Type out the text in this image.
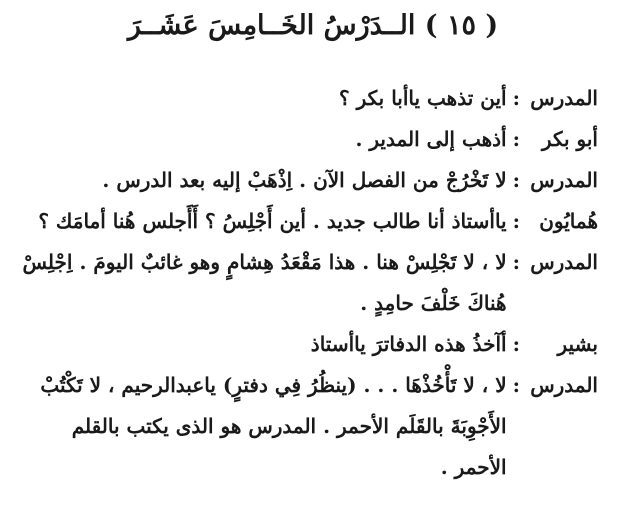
( ١٥ ) الــدَرْسُ الخَــامِسَ عَشَــرَ
المدرس
:
أين تذهب ياأبا بكر ؟
أبو بكر
:
أذهب إلى المدير .
المدرس
:
لا تَخْرُجْ من الفصل الآن . اِذْهَبْ إليه بعد الدرس .
هُمايُون
:
ياأستاذ أنا طالب جديد . أين أَجْلِسُ ؟ أَأَجلس هُنا أمامَك ؟
المدرس
:
لا ، لا تَجْلِسْ هنا . هذا مَقْعَدُ هِشامٍ وهو غائبٌ اليومَ . اِجْلِسْ
هُناكَ خَلْفَ حامِدٍ .
بشير
:
أآخذُ هذه الدفاترَ ياأستاذ
المدرس
:
لا ، لا تَأْخُذْهَا . . . (ينظُرُ فِي دفترٍ) ياعبدالرحيم ، لا تَكْتُبْ
الأَجْوِبَةَ بالقَلَم الأحمر . المدرس هو الذى يكتب بالقلم
الأحمر .
